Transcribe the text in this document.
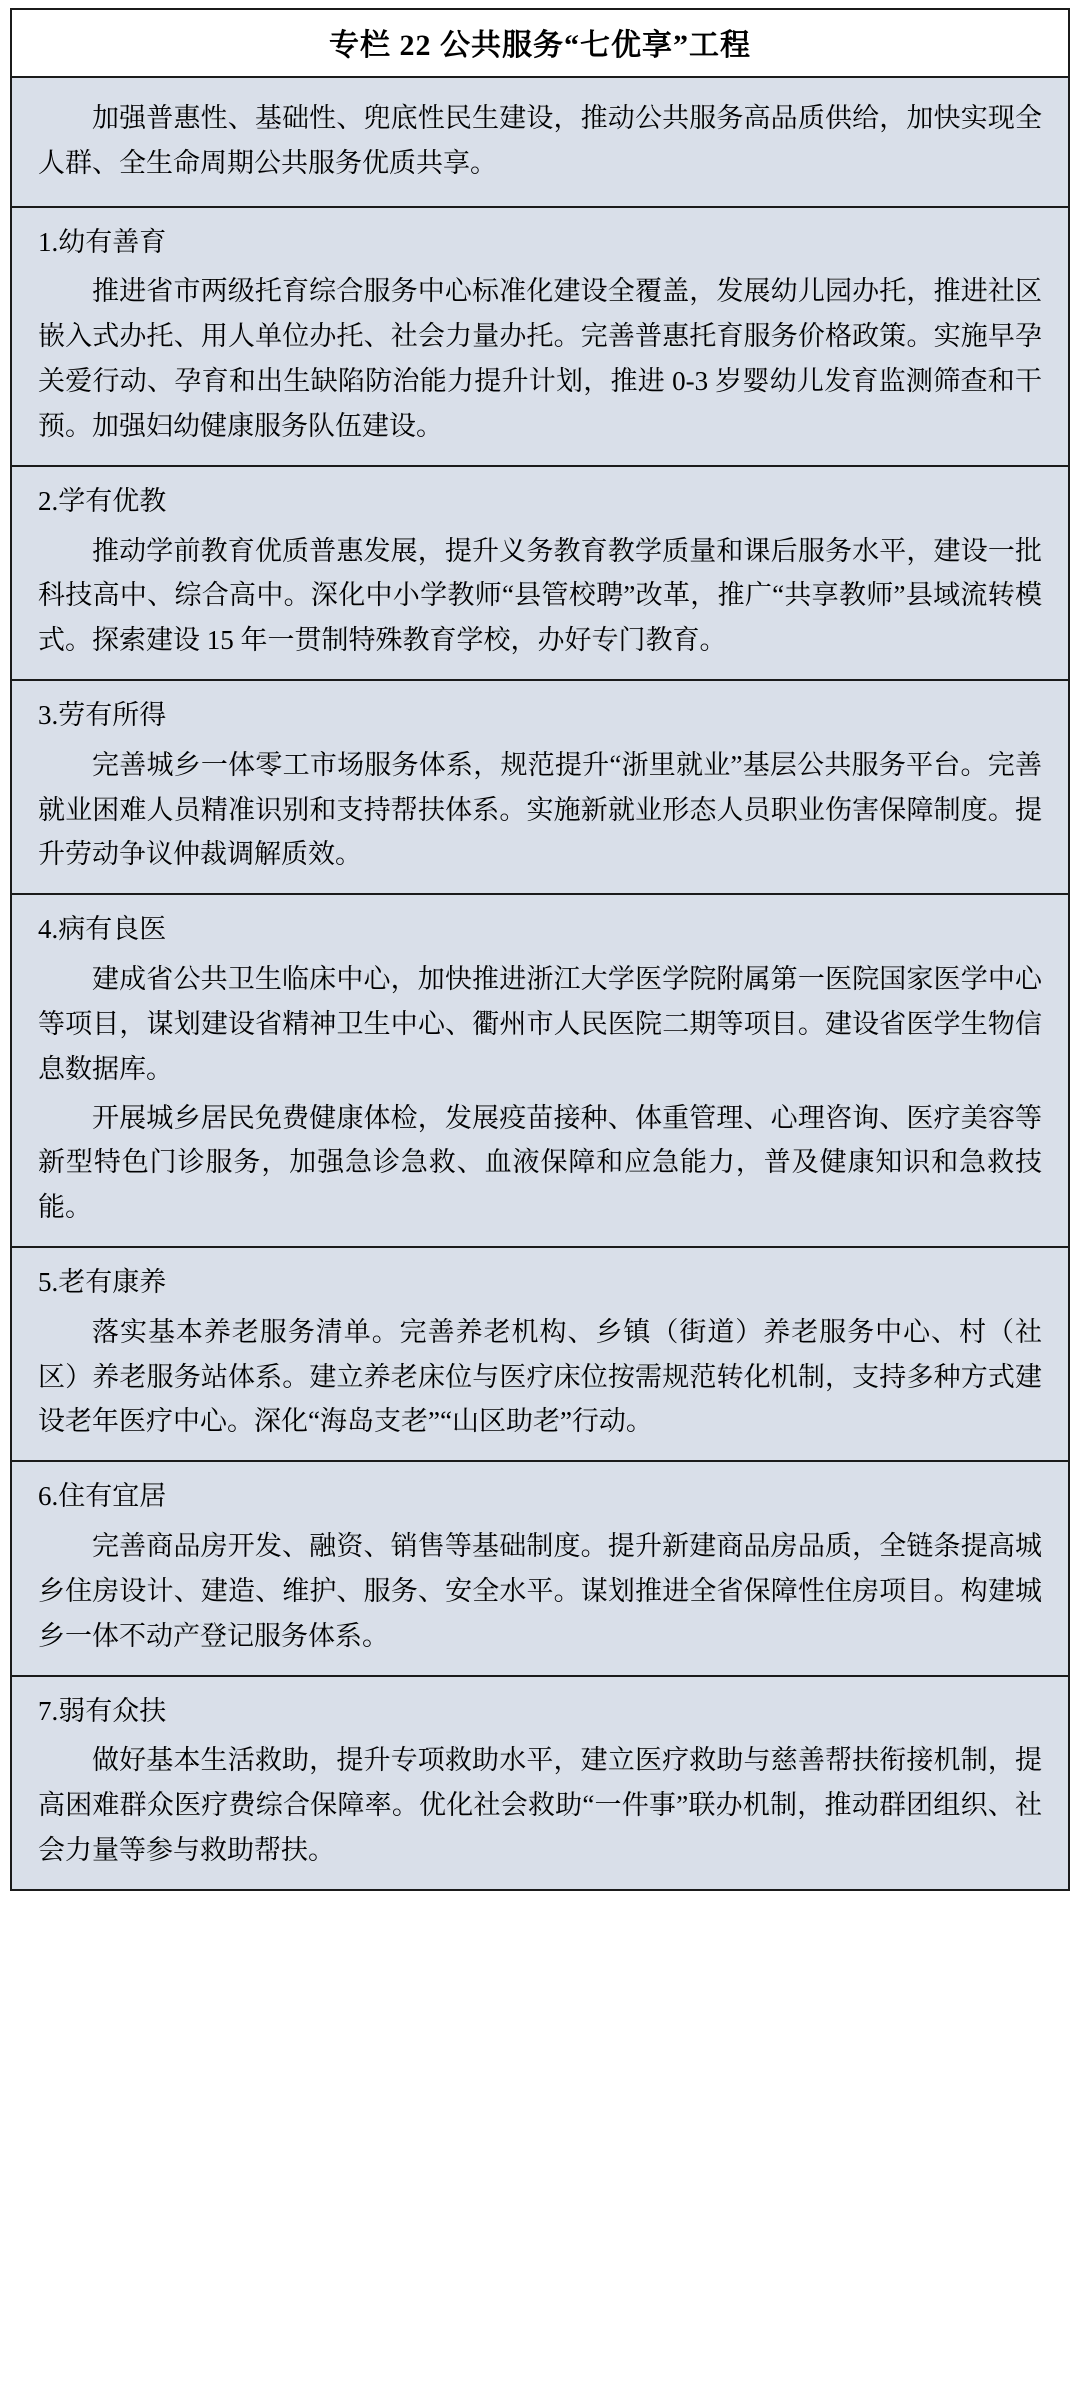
专栏 22 公共服务“七优享”工程

加强普惠性、基础性、兜底性民生建设，推动公共服务高品质供给，加快实现全人群、全生命周期公共服务优质共享。

1.幼有善育

推进省市两级托育综合服务中心标准化建设全覆盖，发展幼儿园办托，推进社区嵌入式办托、用人单位办托、社会力量办托。完善普惠托育服务价格政策。实施早孕关爱行动、孕育和出生缺陷防治能力提升计划，推进 0-3 岁婴幼儿发育监测筛查和干预。加强妇幼健康服务队伍建设。

2.学有优教

推动学前教育优质普惠发展，提升义务教育教学质量和课后服务水平，建设一批科技高中、综合高中。深化中小学教师“县管校聘”改革，推广“共享教师”县域流转模式。探索建设 15 年一贯制特殊教育学校，办好专门教育。

3.劳有所得

完善城乡一体零工市场服务体系，规范提升“浙里就业”基层公共服务平台。完善就业困难人员精准识别和支持帮扶体系。实施新就业形态人员职业伤害保障制度。提升劳动争议仲裁调解质效。

4.病有良医

建成省公共卫生临床中心，加快推进浙江大学医学院附属第一医院国家医学中心等项目，谋划建设省精神卫生中心、衢州市人民医院二期等项目。建设省医学生物信息数据库。

开展城乡居民免费健康体检，发展疫苗接种、体重管理、心理咨询、医疗美容等新型特色门诊服务，加强急诊急救、血液保障和应急能力，普及健康知识和急救技能。

5.老有康养

落实基本养老服务清单。完善养老机构、乡镇（街道）养老服务中心、村（社区）养老服务站体系。建立养老床位与医疗床位按需规范转化机制，支持多种方式建设老年医疗中心。深化“海岛支老”“山区助老”行动。

6.住有宜居

完善商品房开发、融资、销售等基础制度。提升新建商品房品质，全链条提高城乡住房设计、建造、维护、服务、安全水平。谋划推进全省保障性住房项目。构建城乡一体不动产登记服务体系。

7.弱有众扶

做好基本生活救助，提升专项救助水平，建立医疗救助与慈善帮扶衔接机制，提高困难群众医疗费综合保障率。优化社会救助“一件事”联办机制，推动群团组织、社会力量等参与救助帮扶。
